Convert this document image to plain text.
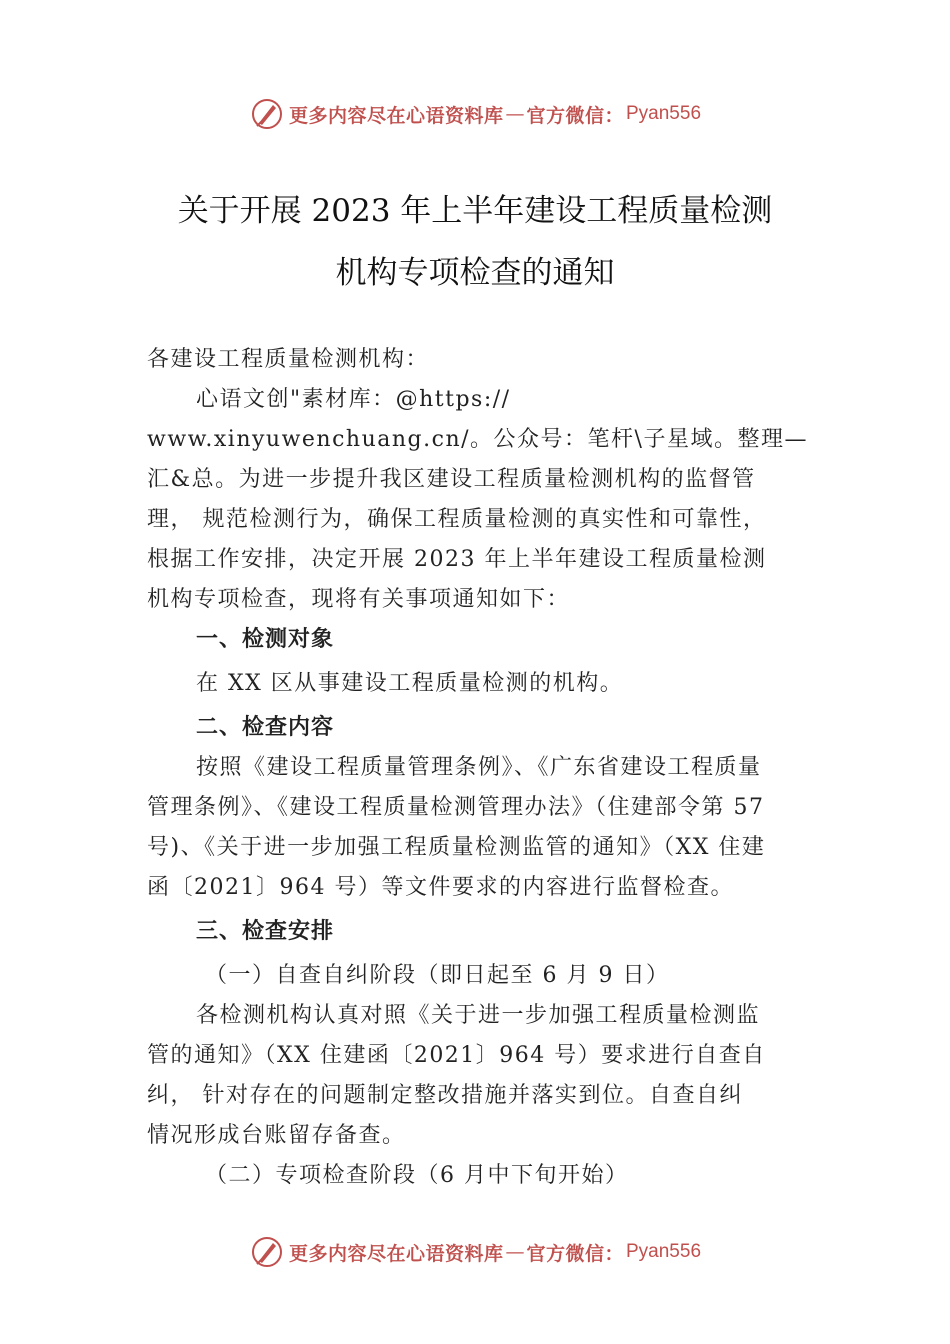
更多内容尽在心语资料库 — 官方微信： Pyan556
关于开展 2023 年上半年建设工程质量检测
机构专项检查的通知

各建设工程质量检测机构：

心语文创"素材库：@https://

www.xinyuwenchuang.cn/。公众号：笔杆\子星域。整理—

汇&总。为进一步提升我区建设工程质量检测机构的监督管

理， 规范检测行为，确保工程质量检测的真实性和可靠性，

根据工作安排，决定开展 2023 年上半年建设工程质量检测

机构专项检查，现将有关事项通知如下：

一、检测对象

在 XX 区从事建设工程质量检测的机构。

二、检查内容

按照《建设工程质量管理条例》、《广东省建设工程质量

管理条例》、《建设工程质量检测管理办法》（住建部令第 57

号)、《关于进一步加强工程质量检测监管的通知》（XX 住建

函〔2021〕964 号）等文件要求的内容进行监督检查。

三、检查安排

（一）自查自纠阶段（即日起至 6 月 9 日）

各检测机构认真对照《关于进一步加强工程质量检测监

管的通知》（XX 住建函〔2021〕964 号）要求进行自查自

纠， 针对存在的问题制定整改措施并落实到位。自查自纠

情况形成台账留存备查。

（二）专项检查阶段（6 月中下旬开始）

更多内容尽在心语资料库 — 官方微信： Pyan556
